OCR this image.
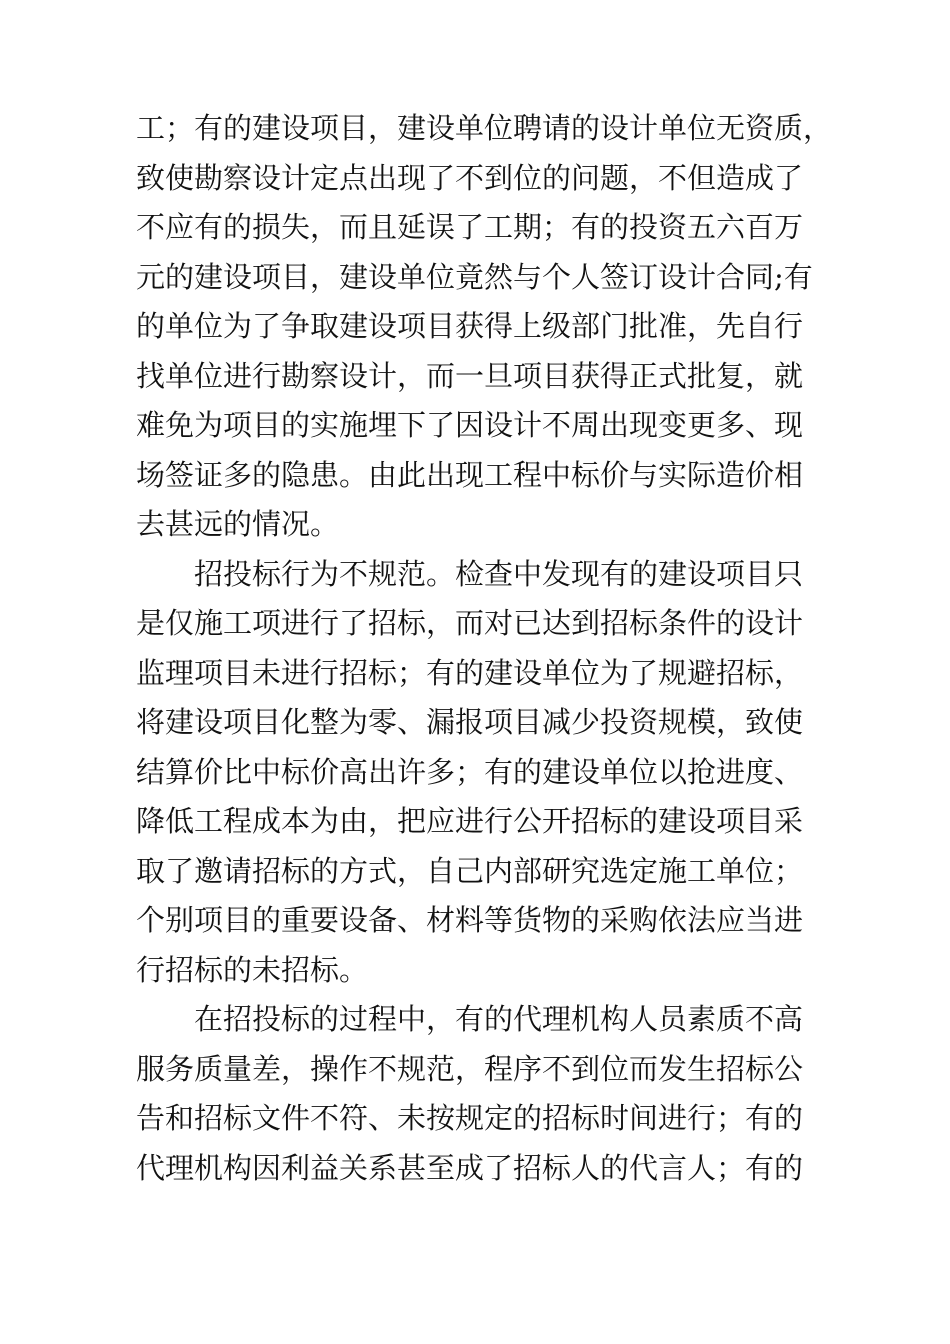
工；有的建设项目，建设单位聘请的设计单位无资质，
致使勘察设计定点出现了不到位的问题，不但造成了
不应有的损失，而且延误了工期；有的投资五六百万
元的建设项目，建设单位竟然与个人签订设计合同;有
的单位为了争取建设项目获得上级部门批准，先自行
找单位进行勘察设计，而一旦项目获得正式批复，就
难免为项目的实施埋下了因设计不周出现变更多、现
场签证多的隐患。由此出现工程中标价与实际造价相
去甚远的情况。
　　招投标行为不规范。检查中发现有的建设项目只
是仅施工项进行了招标，而对已达到招标条件的设计
监理项目未进行招标；有的建设单位为了规避招标，
将建设项目化整为零、漏报项目减少投资规模，致使
结算价比中标价高出许多；有的建设单位以抢进度、
降低工程成本为由，把应进行公开招标的建设项目采
取了邀请招标的方式，自己内部研究选定施工单位；
个别项目的重要设备、材料等货物的采购依法应当进
行招标的未招标。
　　在招投标的过程中，有的代理机构人员素质不高
服务质量差，操作不规范，程序不到位而发生招标公
告和招标文件不符、未按规定的招标时间进行；有的
代理机构因利益关系甚至成了招标人的代言人；有的
